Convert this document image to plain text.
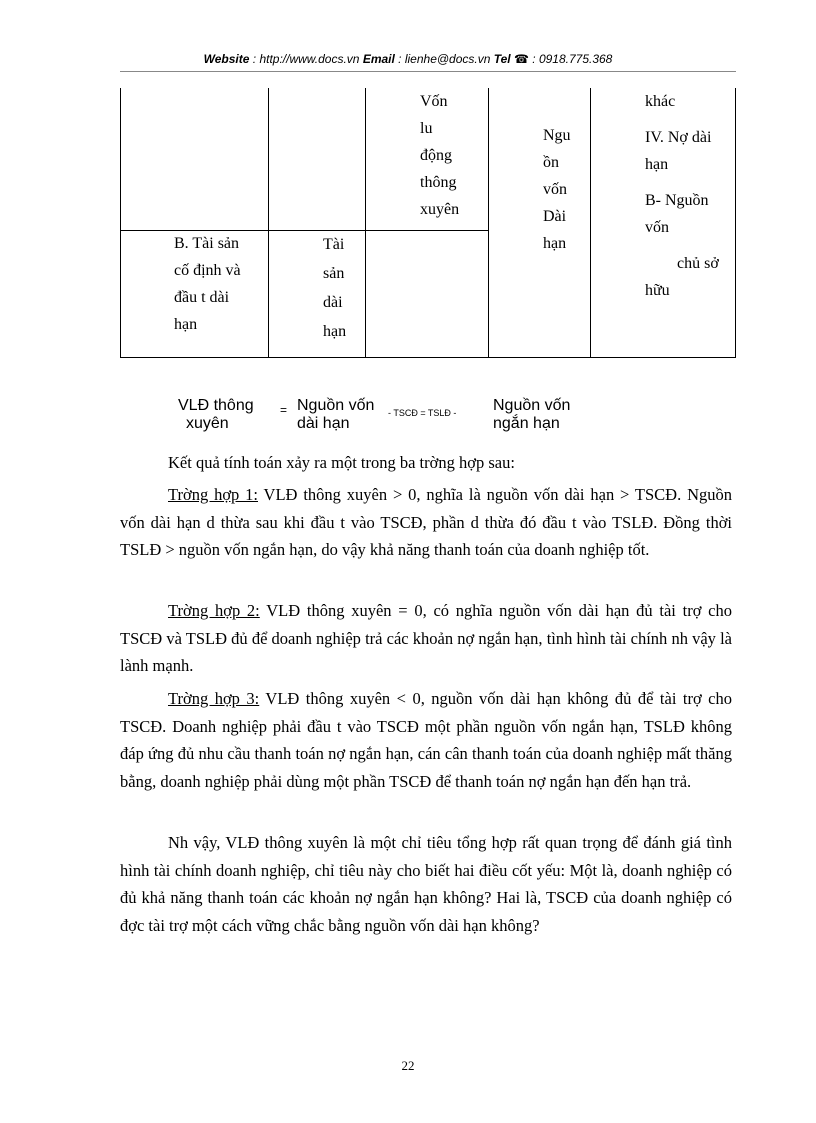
Website : http://www.docs.vn Email : lienhe@docs.vn Tel ☎ : 0918.775.368
Vốn
lu
động
thông
xuyên
B. Tài sản
cố định và
đầu t dài
hạn
Tài
sản
dài
hạn
Ngu
ồn
vốn
Dài
hạn
khác
IV. Nợ dài
hạn
B- Nguồn
vốn
chủ sở
hữu
VLĐ thông
xuyên
= Nguồn vốn
dài hạn
- TSCĐ = TSLĐ - Nguồn vốn
ngắn hạn
Kết quả tính toán xảy ra một trong ba trờng hợp sau:
Trờng hợp 1: VLĐ thông xuyên > 0, nghĩa là nguồn vốn dài hạn > TSCĐ. Nguồn vốn dài hạn d thừa sau khi đầu t vào TSCĐ, phần d thừa đó đầu t vào TSLĐ. Đồng thời TSLĐ > nguồn vốn ngắn hạn, do vậy khả năng thanh toán của doanh nghiệp tốt.
Trờng hợp 2: VLĐ thông xuyên = 0, có nghĩa nguồn vốn dài hạn đủ tài trợ cho TSCĐ và TSLĐ đủ để doanh nghiệp trả các khoản nợ ngắn hạn, tình hình tài chính nh vậy là lành mạnh.
Trờng hợp 3: VLĐ thông xuyên < 0, nguồn vốn dài hạn không đủ để tài trợ cho TSCĐ. Doanh nghiệp phải đầu t vào TSCĐ một phần nguồn vốn ngắn hạn, TSLĐ không đáp ứng đủ nhu cầu thanh toán nợ ngắn hạn, cán cân thanh toán của doanh nghiệp mất thăng bằng, doanh nghiệp phải dùng một phần TSCĐ để thanh toán nợ ngắn hạn đến hạn trả.
Nh vậy, VLĐ thông xuyên là một chỉ tiêu tổng hợp rất quan trọng để đánh giá tình hình tài chính doanh nghiệp, chỉ tiêu này cho biết hai điều cốt yếu: Một là, doanh nghiệp có đủ khả năng thanh toán các khoản nợ ngắn hạn không? Hai là, TSCĐ của doanh nghiệp có đợc tài trợ một cách vững chắc bằng nguồn vốn dài hạn không?
22
